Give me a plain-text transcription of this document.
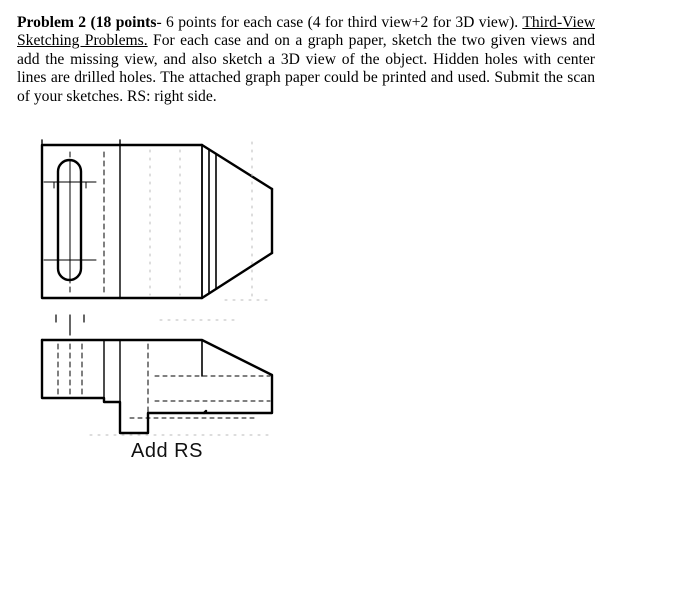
Problem 2 (18 points- 6 points for each case (4 for third view+2 for 3D view). Third-View Sketching Problems. For each case and on a graph paper, sketch the two given views and add the missing view, and also sketch a 3D view of the object. Hidden holes with center lines are drilled holes. The attached graph paper could be printed and used. Submit the scan of your sketches. RS: right side.

Add RS
